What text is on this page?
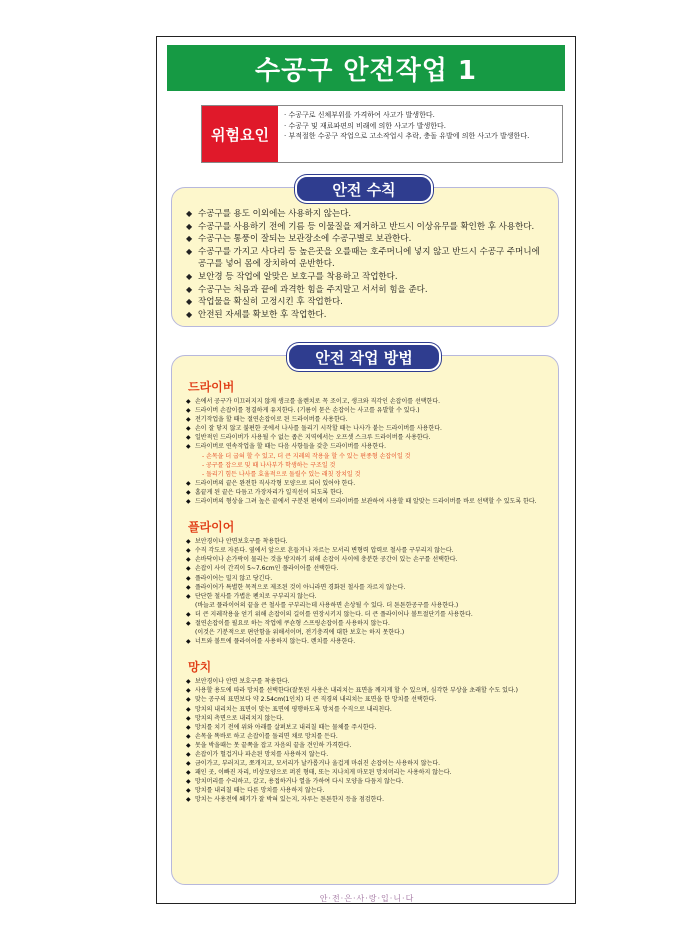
수공구 안전작업 1
위험요인
· 수공구로 신체부위를 가격하여 사고가 발생한다.
· 수공구 및 재료파편의 비래에 의한 사고가 발생한다.
· 부적절한 수공구 작업으로 고소작업시 추락, 충돌 유발에 의한 사고가 발생한다.
안전 수칙
◆ 수공구를 용도 이외에는 사용하지 않는다.
◆ 수공구를 사용하기 전에 기름 등 이물질을 제거하고 반드시 이상유무를 확인한 후 사용한다.
◆ 수공구는 통풍이 잘되는 보관장소에 수공구별로 보관한다.
◆ 수공구를 가지고 사다리 등 높은곳을 오를때는 호주머니에 넣지 않고 반드시 수공구 주머니에 공구를 넣어 몸에 장치하여 운반한다.
◆ 보안경 등 작업에 알맞은 보호구를 착용하고 작업한다.
◆ 수공구는 처음과 끝에 과격한 힘을 주지말고 서서히 힘을 준다.
◆ 작업물을 확실히 고정시킨 후 작업한다.
◆ 안전된 자세를 확보한 후 작업한다.
안전 작업 방법
드라이버
◆ 손에서 공구가 미끄러지지 않게 생크를 올렌치로 꼭 조이고, 생크와 직각인 손잡이를 선택한다.
◆ 드라이버 손잡이를 청결하게 유지한다. (기름이 묻은 손잡이는 사고를 유발할 수 있다.)
◆ 전기작업을 할 때는 절연손잡이로 된 드라이버를 사용한다.
◆ 손이 잘 닿지 않고 불편한 곳에서 나사를 돌리기 시작할 때는 나사가 붙는 드라이버를 사용한다.
◆ 일반적인 드라이버가 사용될 수 없는 좁은 지역에서는 오프셋 스크루 드라이버를 사용한다.
◆ 드라이버로 연속작업을 할 때는 다음 사항들을 갖춘 드라이버를 사용한다.
- 손목을 더 굽혀 할 수 있고, 더 큰 지레의 작용을 할 수 있는 편종형 손잡이일 것
- 공구를 잡으로 및 때 나사부가 학생하는 구조일 것
- 돌리기 힘든 나사를 효율적으로 돌릴수 있는 래칫 장치일 것
◆ 드라이버의 끝은 완전한 직사각형 모양으로 되어 있어야 한다.
◆ 홈끝게 된 끝은 다듬고 가장자리가 일직선이 되도록 한다.
◆ 드라이버의 형상을 그려 높은 끝에서 구분된 편에이 드라이버를 보관하여 사용할 때 알맞는 드라이버를 바로 선택할 수 있도록 한다.
플라이어
◆ 보안경이나 안면보호구를 착용한다.
◆ 수직 각도로 자른다. 옆에서 앞으로 흔들거나 자르는 모서리 변형력 압력로 철사를 구부리지 않는다.
◆ 손바닥이나 손가락이 물리는 것을 방지하기 위해 손잡이 사이에 충분한 공간이 있는 손구를 선택한다.
◆ 손잡이 사이 간격이 5~7.6cm인 플라이어를 선택한다.
◆ 플라이어는 밀지 않고 당긴다.
◆ 플라이어가 특별한 목적으로 제조된 것이 아니라면 경화된 철사를 자르지 않는다.
◆ 단단한 철사를 가볍운 펜치로 구부리지 않는다.
(바늘코 플라이어의 끝을 큰 철사를 구부리는데 사용하면 손상될 수 있다. 더 튼튼한공구를 사용한다.)
◆ 더 큰 지레작용을 얻기 위해 손잡이의 길이를 연장시키지 않는다. 더 큰 플라이어나 볼트절단기를 사용한다.
◆ 절연손잡이를 필요로 하는 작업에 쿠숀형 스프링손잡이를 사용하지 않는다.
(이것은 기분적으로 편안함을 위해서이며, 전기충격에 대한 보호는 하지 못한다.)
◆ 너트와 볼트에 플라이어를 사용하지 않는다. 렌치를 사용한다.
망치
◆ 보안경이나 안면 보호구를 착용한다.
◆ 사용할 용도에 따라 망치를 선택한다(잘못된 사용은 내리치는 표면을 깨지게 할 수 있으며, 심각한 부상을 초래할 수도 있다.)
◆ 맞는 공구의 표면보다 약 2.54cm(1인치) 더 큰 직경의 내리치는 표면을 한 망치를 선택한다.
◆ 망치의 내리치는 표면이 맞는 표면에 평행하도록 망치를 수직으로 내리친다.
◆ 망치의 측면으로 내리치지 않는다.
◆ 망치를 치기 전에 위와 아래를 살펴보고 내리칠 때는 물체를 주시한다.
◆ 손목을 똑바로 하고 손잡이를 돌리면 채로 망치를 든다.
◆ 못을 박을때는 못 끝쪽을 잡고 자음의 끝을 견인하 가격한다.
◆ 손잡이가 헐겁거나 파손된 망치를 사용하지 않는다.
◆ 금이가고, 부러지고, 쪼개지고, 모서리가 날카롭거나 울겁게 마쉬진 손잡이는 사용하지 않는다.
◆ 패인 곳, 이빠진 자리, 비상모양으로 퍼진 형태, 또는 지나치게 마모된 망치머리는 사용하지 않는다.
◆ 망치머리를 수리하고, 갈고, 용접하거나 열을 가하여 다시 모양을 다듬지 않는다.
◆ 망치를 내리칠 때는 다른 망치를 사용하지 않는다.
◆ 망치는 사용전에 쐐기가 잘 박혀 있는지, 자루는 튼튼한지 등을 점검한다.
안·전·은·사·랑·입·니·다
